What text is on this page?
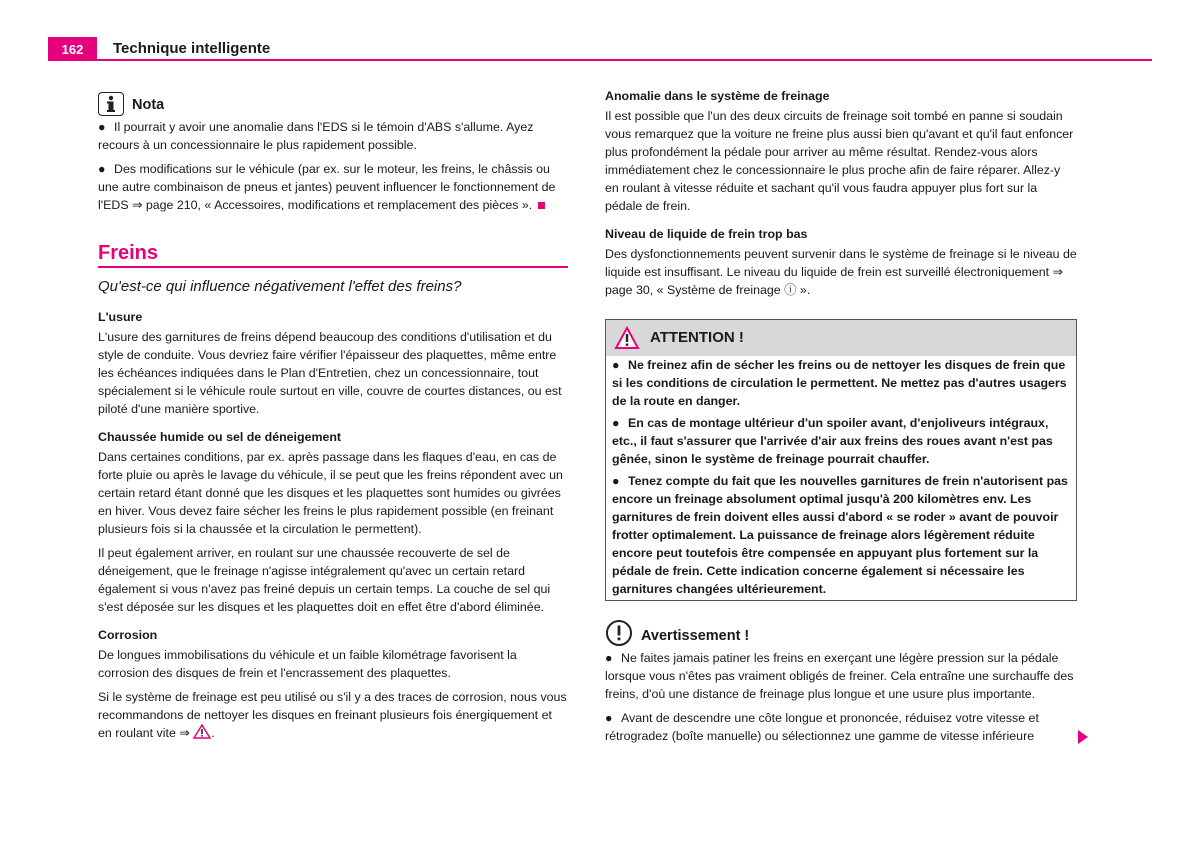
162	Technique intelligente
Nota

● Il pourrait y avoir une anomalie dans l'EDS si le témoin d'ABS s'allume. Ayez recours à un concessionnaire le plus rapidement possible.

● Des modifications sur le véhicule (par ex. sur le moteur, les freins, le châssis ou une autre combinaison de pneus et jantes) peuvent influencer le fonctionnement de l'EDS ⇒ page 210, « Accessoires, modifications et remplacement des pièces ».

Freins
Qu'est-ce qui influence négativement l'effet des freins?
L'usure

L'usure des garnitures de freins dépend beaucoup des conditions d'utilisation et du style de conduite. Vous devriez faire vérifier l'épaisseur des plaquettes, même entre les échéances indiquées dans le Plan d'Entretien, chez un concessionnaire, tout spécialement si le véhicule roule surtout en ville, couvre de courtes distances, ou est piloté d'une manière sportive.

Chaussée humide ou sel de déneigement

Dans certaines conditions, par ex. après passage dans les flaques d'eau, en cas de forte pluie ou après le lavage du véhicule, il se peut que les freins répondent avec un certain retard étant donné que les disques et les plaquettes sont humides ou givrées en hiver. Vous devez faire sécher les freins le plus rapidement possible (en freinant plusieurs fois si la chaussée et la circulation le permettent).

Il peut également arriver, en roulant sur une chaussée recouverte de sel de déneigement, que le freinage n'agisse intégralement qu'avec un certain retard également si vous n'avez pas freiné depuis un certain temps. La couche de sel qui s'est déposée sur les disques et les plaquettes doit en effet être d'abord éliminée.

Corrosion

De longues immobilisations du véhicule et un faible kilométrage favorisent la corrosion des disques de frein et l'encrassement des plaquettes.

Si le système de freinage est peu utilisé ou s'il y a des traces de corrosion, nous vous recommandons de nettoyer les disques en freinant plusieurs fois énergiquement et en roulant vite ⇒ .

Anomalie dans le système de freinage

Il est possible que l'un des deux circuits de freinage soit tombé en panne si soudain vous remarquez que la voiture ne freine plus aussi bien qu'avant et qu'il faut enfoncer plus profondément la pédale pour arriver au même résultat. Rendez-vous alors immédiatement chez le concessionnaire le plus proche afin de faire réparer. Allez-y en roulant à vitesse réduite et sachant qu'il vous faudra appuyer plus fort sur la pédale de frein.

Niveau de liquide de frein trop bas

Des dysfonctionnements peuvent survenir dans le système de freinage si le niveau de liquide est insuffisant. Le niveau du liquide de frein est surveillé électroniquement ⇒ page 30, « Système de freinage ⓘ ».

ATTENTION !

● Ne freinez afin de sécher les freins ou de nettoyer les disques de frein que si les conditions de circulation le permettent. Ne mettez pas d'autres usagers de la route en danger.

● En cas de montage ultérieur d'un spoiler avant, d'enjoliveurs intégraux, etc., il faut s'assurer que l'arrivée d'air aux freins des roues avant n'est pas gênée, sinon le système de freinage pourrait chauffer.

● Tenez compte du fait que les nouvelles garnitures de frein n'autorisent pas encore un freinage absolument optimal jusqu'à 200 kilomètres env. Les garnitures de frein doivent elles aussi d'abord « se roder » avant de pouvoir frotter optimalement. La puissance de freinage alors légèrement réduite encore peut toutefois être compensée en appuyant plus fortement sur la pédale de frein. Cette indication concerne également si nécessaire les garnitures changées ultérieurement.

Avertissement !

● Ne faites jamais patiner les freins en exerçant une légère pression sur la pédale lorsque vous n'êtes pas vraiment obligés de freiner. Cela entraîne une surchauffe des freins, d'où une distance de freinage plus longue et une usure plus importante.

● Avant de descendre une côte longue et prononcée, réduisez votre vitesse et rétrogradez (boîte manuelle) ou sélectionnez une gamme de vitesse inférieure
